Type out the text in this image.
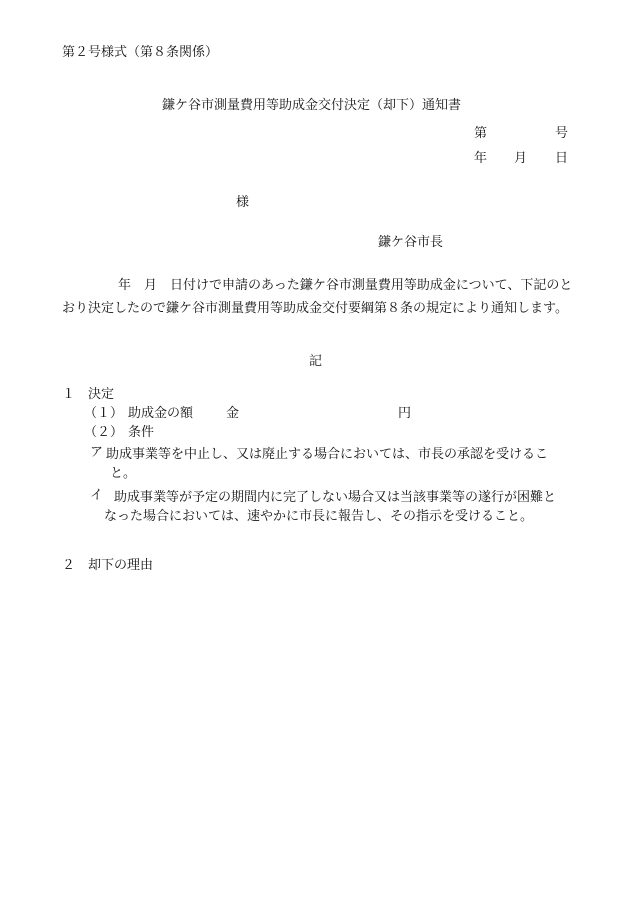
第２号様式（第８条関係）
鎌ケ谷市測量費用等助成金交付決定（却下）通知書
第	号
年 月 日
様
鎌ケ谷市長
年　月　日付けで申請のあった鎌ケ谷市測量費用等助成金について、下記のとおり決定したので鎌ケ谷市測量費用等助成金交付要綱第８条の規定により通知します。
記
１　決定
（１） 助成金の額	金	円
（２） 条件
ア 助成事業等を中止し、又は廃止する場合においては、市長の承認を受けること。
イ 助成事業等が予定の期間内に完了しない場合又は当該事業等の遂行が困難となった場合においては、速やかに市長に報告し、その指示を受けること。
２　却下の理由
